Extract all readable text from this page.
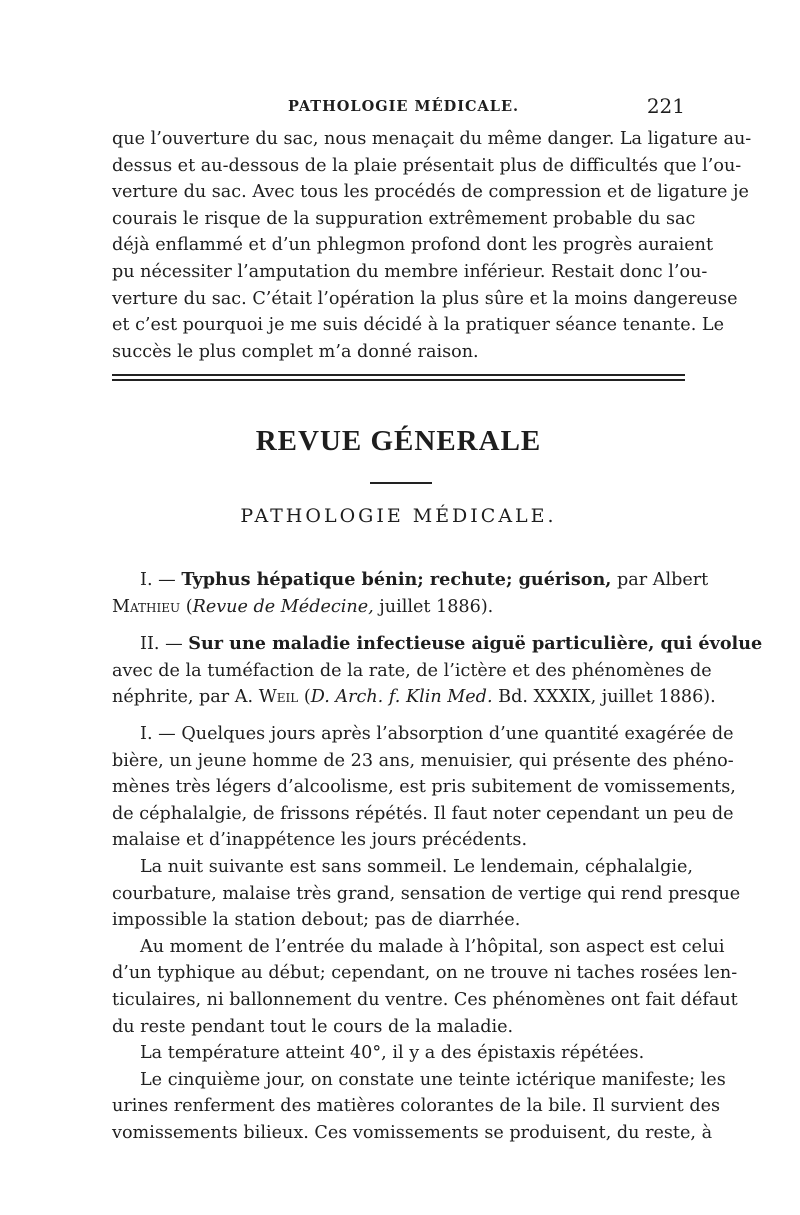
PATHOLOGIE MÉDICALE.	221

que l’ouverture du sac, nous menaçait du même danger. La ligature au-
dessus et au-dessous de la plaie présentait plus de difficultés que l’ou-
verture du sac. Avec tous les procédés de compression et de ligature je
courais le risque de la suppuration extrêmement probable du sac
déjà enflammé et d’un phlegmon profond dont les progrès auraient
pu nécessiter l’amputation du membre inférieur. Restait donc l’ou-
verture du sac. C’était l’opération la plus sûre et la moins dangereuse
et c’est pourquoi je me suis décidé à la pratiquer séance tenante. Le
succès le plus complet m’a donné raison.

REVUE GÉNERALE
PATHOLOGIE MÉDICALE.

I. — Typhus hépatique bénin; rechute; guérison, par Albert
Mathieu (Revue de Médecine, juillet 1886).

II. — Sur une maladie infectieuse aiguë particulière, qui évolue
avec de la tuméfaction de la rate, de l’ictère et des phénomènes de
néphrite, par A. Weil (D. Arch. f. Klin Med. Bd. XXXIX, juillet 1886).

I. — Quelques jours après l’absorption d’une quantité exagérée de
bière, un jeune homme de 23 ans, menuisier, qui présente des phéno-
mènes très légers d’alcoolisme, est pris subitement de vomissements,
de céphalalgie, de frissons répétés. Il faut noter cependant un peu de
malaise et d’inappétence les jours précédents.
La nuit suivante est sans sommeil. Le lendemain, céphalalgie,
courbature, malaise très grand, sensation de vertige qui rend presque
impossible la station debout; pas de diarrhée.
Au moment de l’entrée du malade à l’hôpital, son aspect est celui
d’un typhique au début; cependant, on ne trouve ni taches rosées len-
ticulaires, ni ballonnement du ventre. Ces phénomènes ont fait défaut
du reste pendant tout le cours de la maladie.
La température atteint 40°, il y a des épistaxis répétées.
Le cinquième jour, on constate une teinte ictérique manifeste; les
urines renferment des matières colorantes de la bile. Il survient des
vomissements bilieux. Ces vomissements se produisent, du reste, à
